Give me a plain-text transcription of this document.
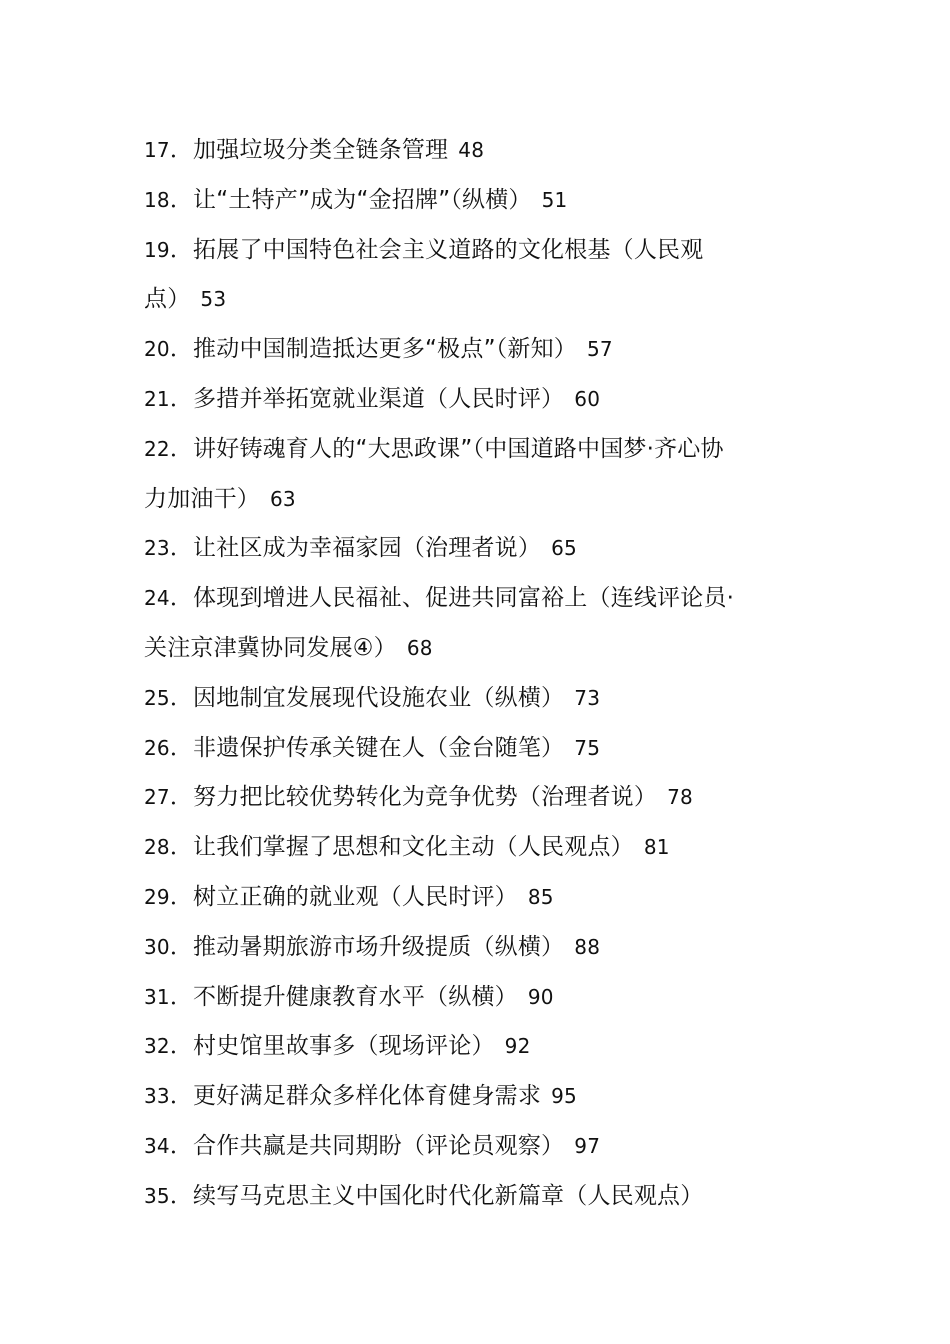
17．加强垃圾分类全链条管理 48
18．让“土特产”成为“金招牌”（纵横） 51
19．拓展了中国特色社会主义道路的文化根基（人民观
点） 53
20．推动中国制造抵达更多“极点”（新知） 57
21．多措并举拓宽就业渠道（人民时评） 60
22．讲好铸魂育人的“大思政课”（中国道路中国梦·齐心协
力加油干） 63
23．让社区成为幸福家园（治理者说） 65
24．体现到增进人民福祉、促进共同富裕上（连线评论员·
关注京津冀协同发展④） 68
25．因地制宜发展现代设施农业（纵横） 73
26．非遗保护传承关键在人（金台随笔） 75
27．努力把比较优势转化为竞争优势（治理者说） 78
28．让我们掌握了思想和文化主动（人民观点） 81
29．树立正确的就业观（人民时评） 85
30．推动暑期旅游市场升级提质（纵横） 88
31．不断提升健康教育水平（纵横） 90
32．村史馆里故事多（现场评论） 92
33．更好满足群众多样化体育健身需求 95
34．合作共赢是共同期盼（评论员观察） 97
35．续写马克思主义中国化时代化新篇章（人民观点）
